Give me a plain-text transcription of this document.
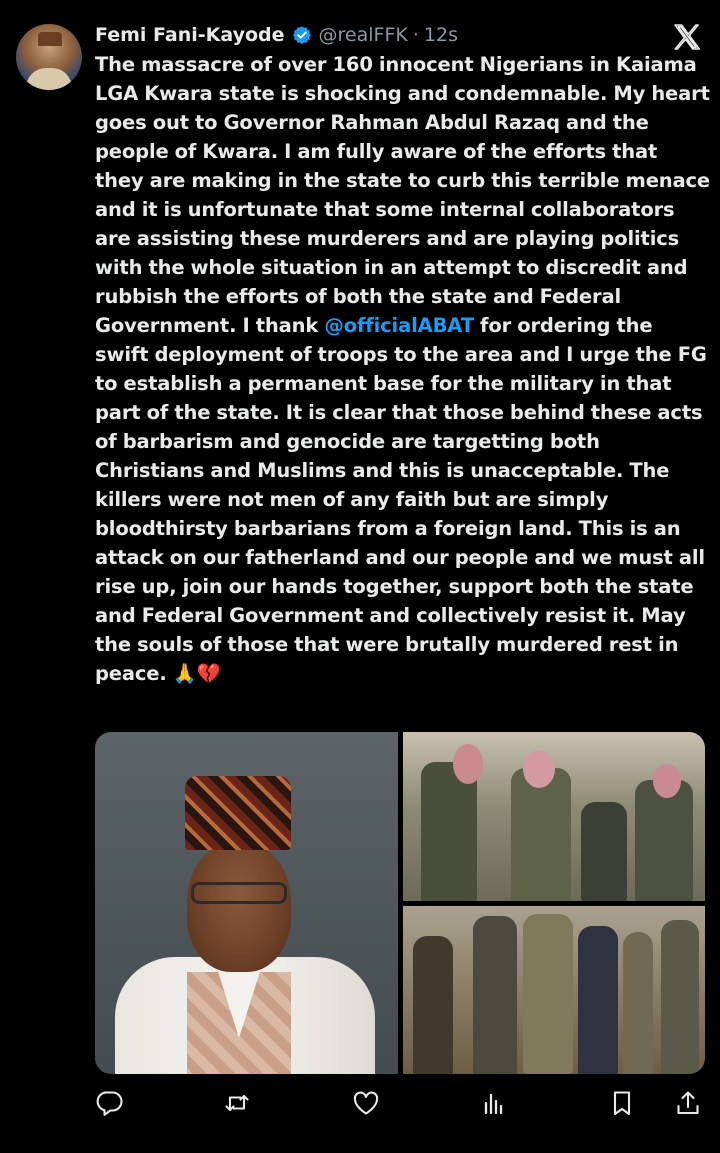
Femi Fani-Kayode @realFFK · 12s

The massacre of over 160 innocent Nigerians in Kaiama LGA Kwara state is shocking and condemnable. My heart goes out to Governor Rahman Abdul Razaq and the people of Kwara. I am fully aware of the efforts that they are making in the state to curb this terrible menace and it is unfortunate that some internal collaborators are assisting these murderers and are playing politics with the whole situation in an attempt to discredit and rubbish the efforts of both the state and Federal Government. I thank @officialABAT for ordering the swift deployment of troops to the area and I urge the FG to establish a permanent base for the military in that part of the state. It is clear that those behind these acts of barbarism and genocide are targetting both Christians and Muslims and this is unacceptable. The killers were not men of any faith but are simply bloodthirsty barbarians from a foreign land. This is an attack on our fatherland and our people and we must all rise up, join our hands together, support both the state and Federal Government and collectively resist it. May the souls of those that were brutally murdered rest in peace. 🙏💔
